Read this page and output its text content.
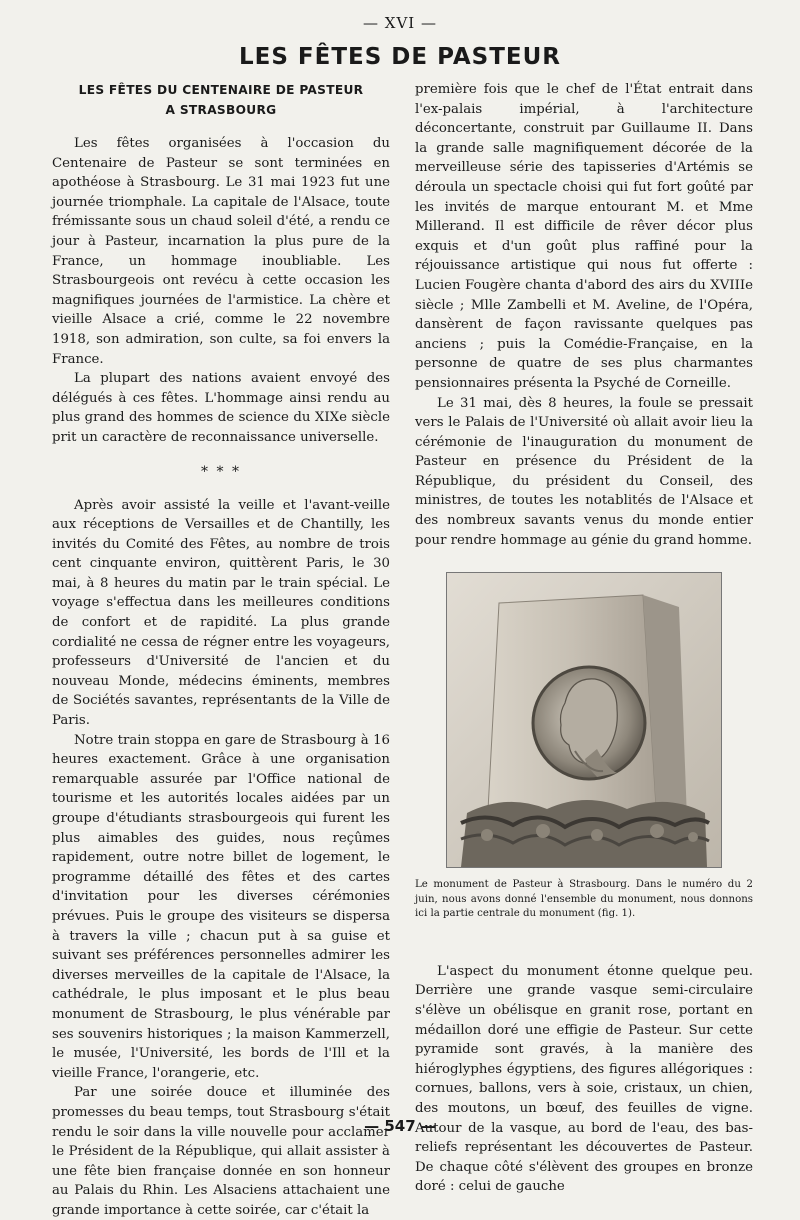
— XVI —
LES FÊTES DE PASTEUR
LES FÊTES DU CENTENAIRE DE PASTEUR
A STRASBOURG

Les fêtes organisées à l'occasion du Centenaire de Pasteur se sont terminées en apothéose à Strasbourg. Le 31 mai 1923 fut une journée triomphale. La capitale de l'Alsace, toute frémissante sous un chaud soleil d'été, a rendu ce jour à Pasteur, incarnation la plus pure de la France, un hommage inoubliable. Les Strasbourgeois ont revécu à cette occasion les magnifiques journées de l'armistice. La chère et vieille Alsace a crié, comme le 22 novembre 1918, son admiration, son culte, sa foi envers la France.

La plupart des nations avaient envoyé des délégués à ces fêtes. L'hommage ainsi rendu au plus grand des hommes de science du XIXe siècle prit un caractère de reconnaissance universelle.

* * *

Après avoir assisté la veille et l'avant-veille aux réceptions de Versailles et de Chantilly, les invités du Comité des Fêtes, au nombre de trois cent cinquante environ, quittèrent Paris, le 30 mai, à 8 heures du matin par le train spécial. Le voyage s'effectua dans les meilleures conditions de confort et de rapidité. La plus grande cordialité ne cessa de régner entre les voyageurs, professeurs d'Université de l'ancien et du nouveau Monde, médecins éminents, membres de Sociétés savantes, représentants de la Ville de Paris.

Notre train stoppa en gare de Strasbourg à 16 heures exactement. Grâce à une organisation remarquable assurée par l'Office national de tourisme et les autorités locales aidées par un groupe d'étudiants strasbourgeois qui furent les plus aimables des guides, nous reçûmes rapidement, outre notre billet de logement, le programme détaillé des fêtes et des cartes d'invitation pour les diverses cérémonies prévues. Puis le groupe des visiteurs se dispersa à travers la ville ; chacun put à sa guise et suivant ses préférences personnelles admirer les diverses merveilles de la capitale de l'Alsace, la cathédrale, le plus imposant et le plus beau monument de Strasbourg, le plus vénérable par ses souvenirs historiques ; la maison Kammerzell, le musée, l'Université, les bords de l'Ill et la vieille France, l'orangerie, etc.

Par une soirée douce et illuminée des promesses du beau temps, tout Strasbourg s'était rendu le soir dans la ville nouvelle pour acclamer le Président de la République, qui allait assister à une fête bien française donnée en son honneur au Palais du Rhin. Les Alsaciens attachaient une grande importance à cette soirée, car c'était la

première fois que le chef de l'État entrait dans l'ex-palais impérial, à l'architecture déconcertante, construit par Guillaume II. Dans la grande salle magnifiquement décorée de la merveilleuse série des tapisseries d'Artémis se déroula un spectacle choisi qui fut fort goûté par les invités de marque entourant M. et Mme Millerand. Il est difficile de rêver décor plus exquis et d'un goût plus raffiné pour la réjouissance artistique qui nous fut offerte : Lucien Fougère chanta d'abord des airs du XVIIIe siècle ; Mlle Zambelli et M. Aveline, de l'Opéra, dansèrent de façon ravissante quelques pas anciens ; puis la Comédie-Française, en la personne de quatre de ses plus charmantes pensionnaires présenta la Psyché de Corneille.

Le 31 mai, dès 8 heures, la foule se pressait vers le Palais de l'Université où allait avoir lieu la cérémonie de l'inauguration du monument de Pasteur en présence du Président de la République, du président du Conseil, des ministres, de toutes les notablités de l'Alsace et des nombreux savants venus du monde entier pour rendre hommage au génie du grand homme.

Le monument de Pasteur à Strasbourg. Dans le numéro du 2 juin, nous avons donné l'ensemble du monument, nous donnons ici la partie centrale du monument (fig. 1).

L'aspect du monument étonne quelque peu. Derrière une grande vasque semi-circulaire s'élève un obélisque en granit rose, portant en médaillon doré une effigie de Pasteur. Sur cette pyramide sont gravés, à la manière des hiéroglyphes égyptiens, des figures allégoriques : cornues, ballons, vers à soie, cristaux, un chien, des moutons, un bœuf, des feuilles de vigne. Autour de la vasque, au bord de l'eau, des bas-reliefs représentant les découvertes de Pasteur. De chaque côté s'élèvent des groupes en bronze doré : celui de gauche

— 547 —
